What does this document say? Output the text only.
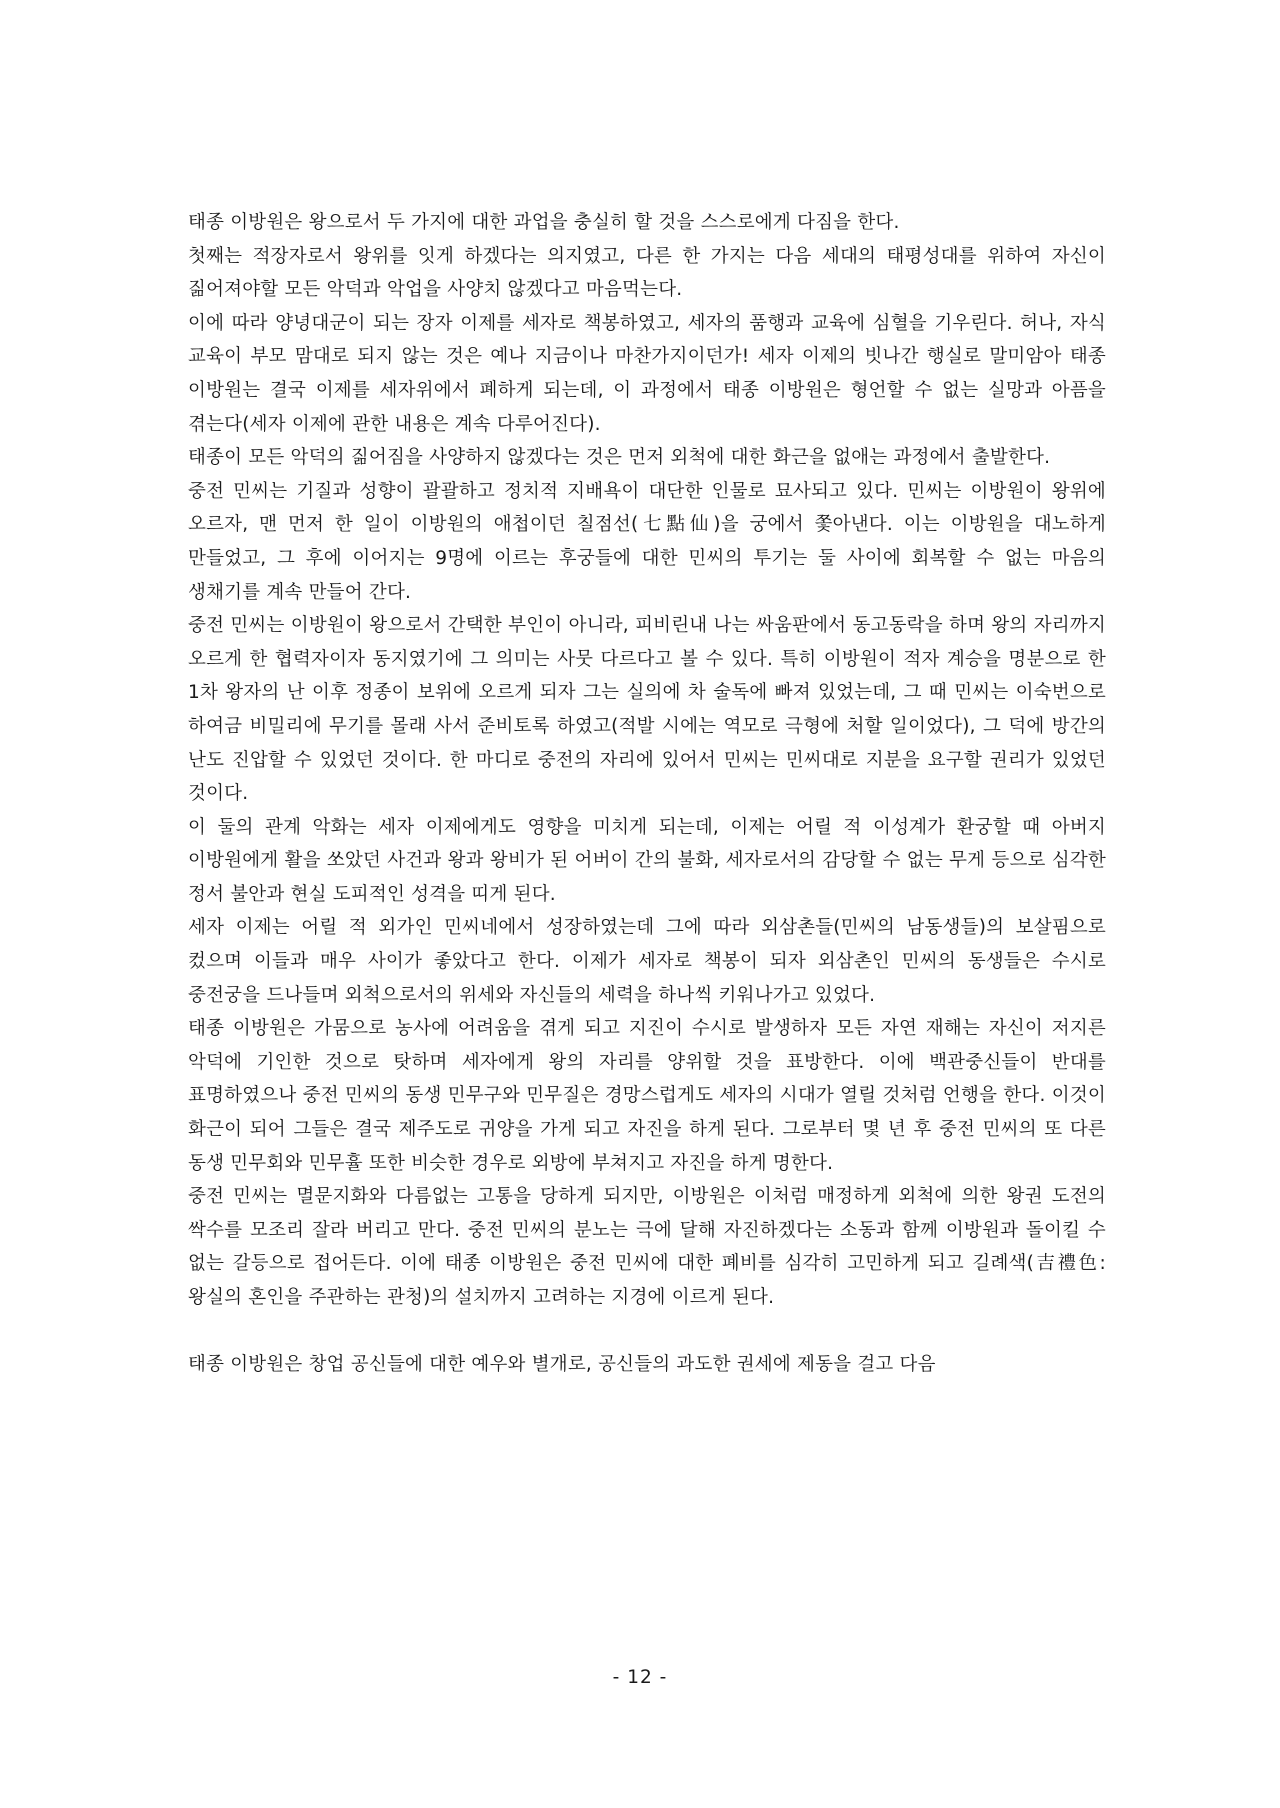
태종 이방원은 왕으로서 두 가지에 대한 과업을 충실히 할 것을 스스로에게 다짐을 한다.

첫째는 적장자로서 왕위를 잇게 하겠다는 의지였고, 다른 한 가지는 다음 세대의 태평성대를 위하여 자신이 짊어져야할 모든 악덕과 악업을 사양치 않겠다고 마음먹는다.

이에 따라 양녕대군이 되는 장자 이제를 세자로 책봉하였고, 세자의 품행과 교육에 심혈을 기우린다. 허나, 자식 교육이 부모 맘대로 되지 않는 것은 예나 지금이나 마찬가지이던가! 세자 이제의 빗나간 행실로 말미암아 태종 이방원는 결국 이제를 세자위에서 폐하게 되는데, 이 과정에서 태종 이방원은 형언할 수 없는 실망과 아픔을 겪는다(세자 이제에 관한 내용은 계속 다루어진다).

태종이 모든 악덕의 짊어짐을 사양하지 않겠다는 것은 먼저 외척에 대한 화근을 없애는 과정에서 출발한다.

중전 민씨는 기질과 성향이 괄괄하고 정치적 지배욕이 대단한 인물로 묘사되고 있다. 민씨는 이방원이 왕위에 오르자, 맨 먼저 한 일이 이방원의 애첩이던 칠점선(七點仙)을 궁에서 쫓아낸다. 이는 이방원을 대노하게 만들었고, 그 후에 이어지는 9명에 이르는 후궁들에 대한 민씨의 투기는 둘 사이에 회복할 수 없는 마음의 생채기를 계속 만들어 간다.

중전 민씨는 이방원이 왕으로서 간택한 부인이 아니라, 피비린내 나는 싸움판에서 동고동락을 하며 왕의 자리까지 오르게 한 협력자이자 동지였기에 그 의미는 사뭇 다르다고 볼 수 있다. 특히 이방원이 적자 계승을 명분으로 한 1차 왕자의 난 이후 정종이 보위에 오르게 되자 그는 실의에 차 술독에 빠져 있었는데, 그 때 민씨는 이숙번으로 하여금 비밀리에 무기를 몰래 사서 준비토록 하였고(적발 시에는 역모로 극형에 처할 일이었다), 그 덕에 방간의 난도 진압할 수 있었던 것이다. 한 마디로 중전의 자리에 있어서 민씨는 민씨대로 지분을 요구할 권리가 있었던 것이다.

이 둘의 관계 악화는 세자 이제에게도 영향을 미치게 되는데, 이제는 어릴 적 이성계가 환궁할 때 아버지 이방원에게 활을 쏘았던 사건과 왕과 왕비가 된 어버이 간의 불화, 세자로서의 감당할 수 없는 무게 등으로 심각한 정서 불안과 현실 도피적인 성격을 띠게 된다.

세자 이제는 어릴 적 외가인 민씨네에서 성장하였는데 그에 따라 외삼촌들(민씨의 남동생들)의 보살핌으로 컸으며 이들과 매우 사이가 좋았다고 한다. 이제가 세자로 책봉이 되자 외삼촌인 민씨의 동생들은 수시로 중전궁을 드나들며 외척으로서의 위세와 자신들의 세력을 하나씩 키워나가고 있었다.

태종 이방원은 가뭄으로 농사에 어려움을 겪게 되고 지진이 수시로 발생하자 모든 자연 재해는 자신이 저지른 악덕에 기인한 것으로 탓하며 세자에게 왕의 자리를 양위할 것을 표방한다. 이에 백관중신들이 반대를 표명하였으나 중전 민씨의 동생 민무구와 민무질은 경망스럽게도 세자의 시대가 열릴 것처럼 언행을 한다. 이것이 화근이 되어 그들은 결국 제주도로 귀양을 가게 되고 자진을 하게 된다. 그로부터 몇 년 후 중전 민씨의 또 다른 동생 민무회와 민무휼 또한 비슷한 경우로 외방에 부쳐지고 자진을 하게 명한다.

중전 민씨는 멸문지화와 다름없는 고통을 당하게 되지만, 이방원은 이처럼 매정하게 외척에 의한 왕권 도전의 싹수를 모조리 잘라 버리고 만다. 중전 민씨의 분노는 극에 달해 자진하겠다는 소동과 함께 이방원과 돌이킬 수 없는 갈등으로 접어든다. 이에 태종 이방원은 중전 민씨에 대한 폐비를 심각히 고민하게 되고 길례색(吉禮色:왕실의 혼인을 주관하는 관청)의 설치까지 고려하는 지경에 이르게 된다.

태종 이방원은 창업 공신들에 대한 예우와 별개로, 공신들의 과도한 권세에 제동을 걸고 다음

- 12 -
